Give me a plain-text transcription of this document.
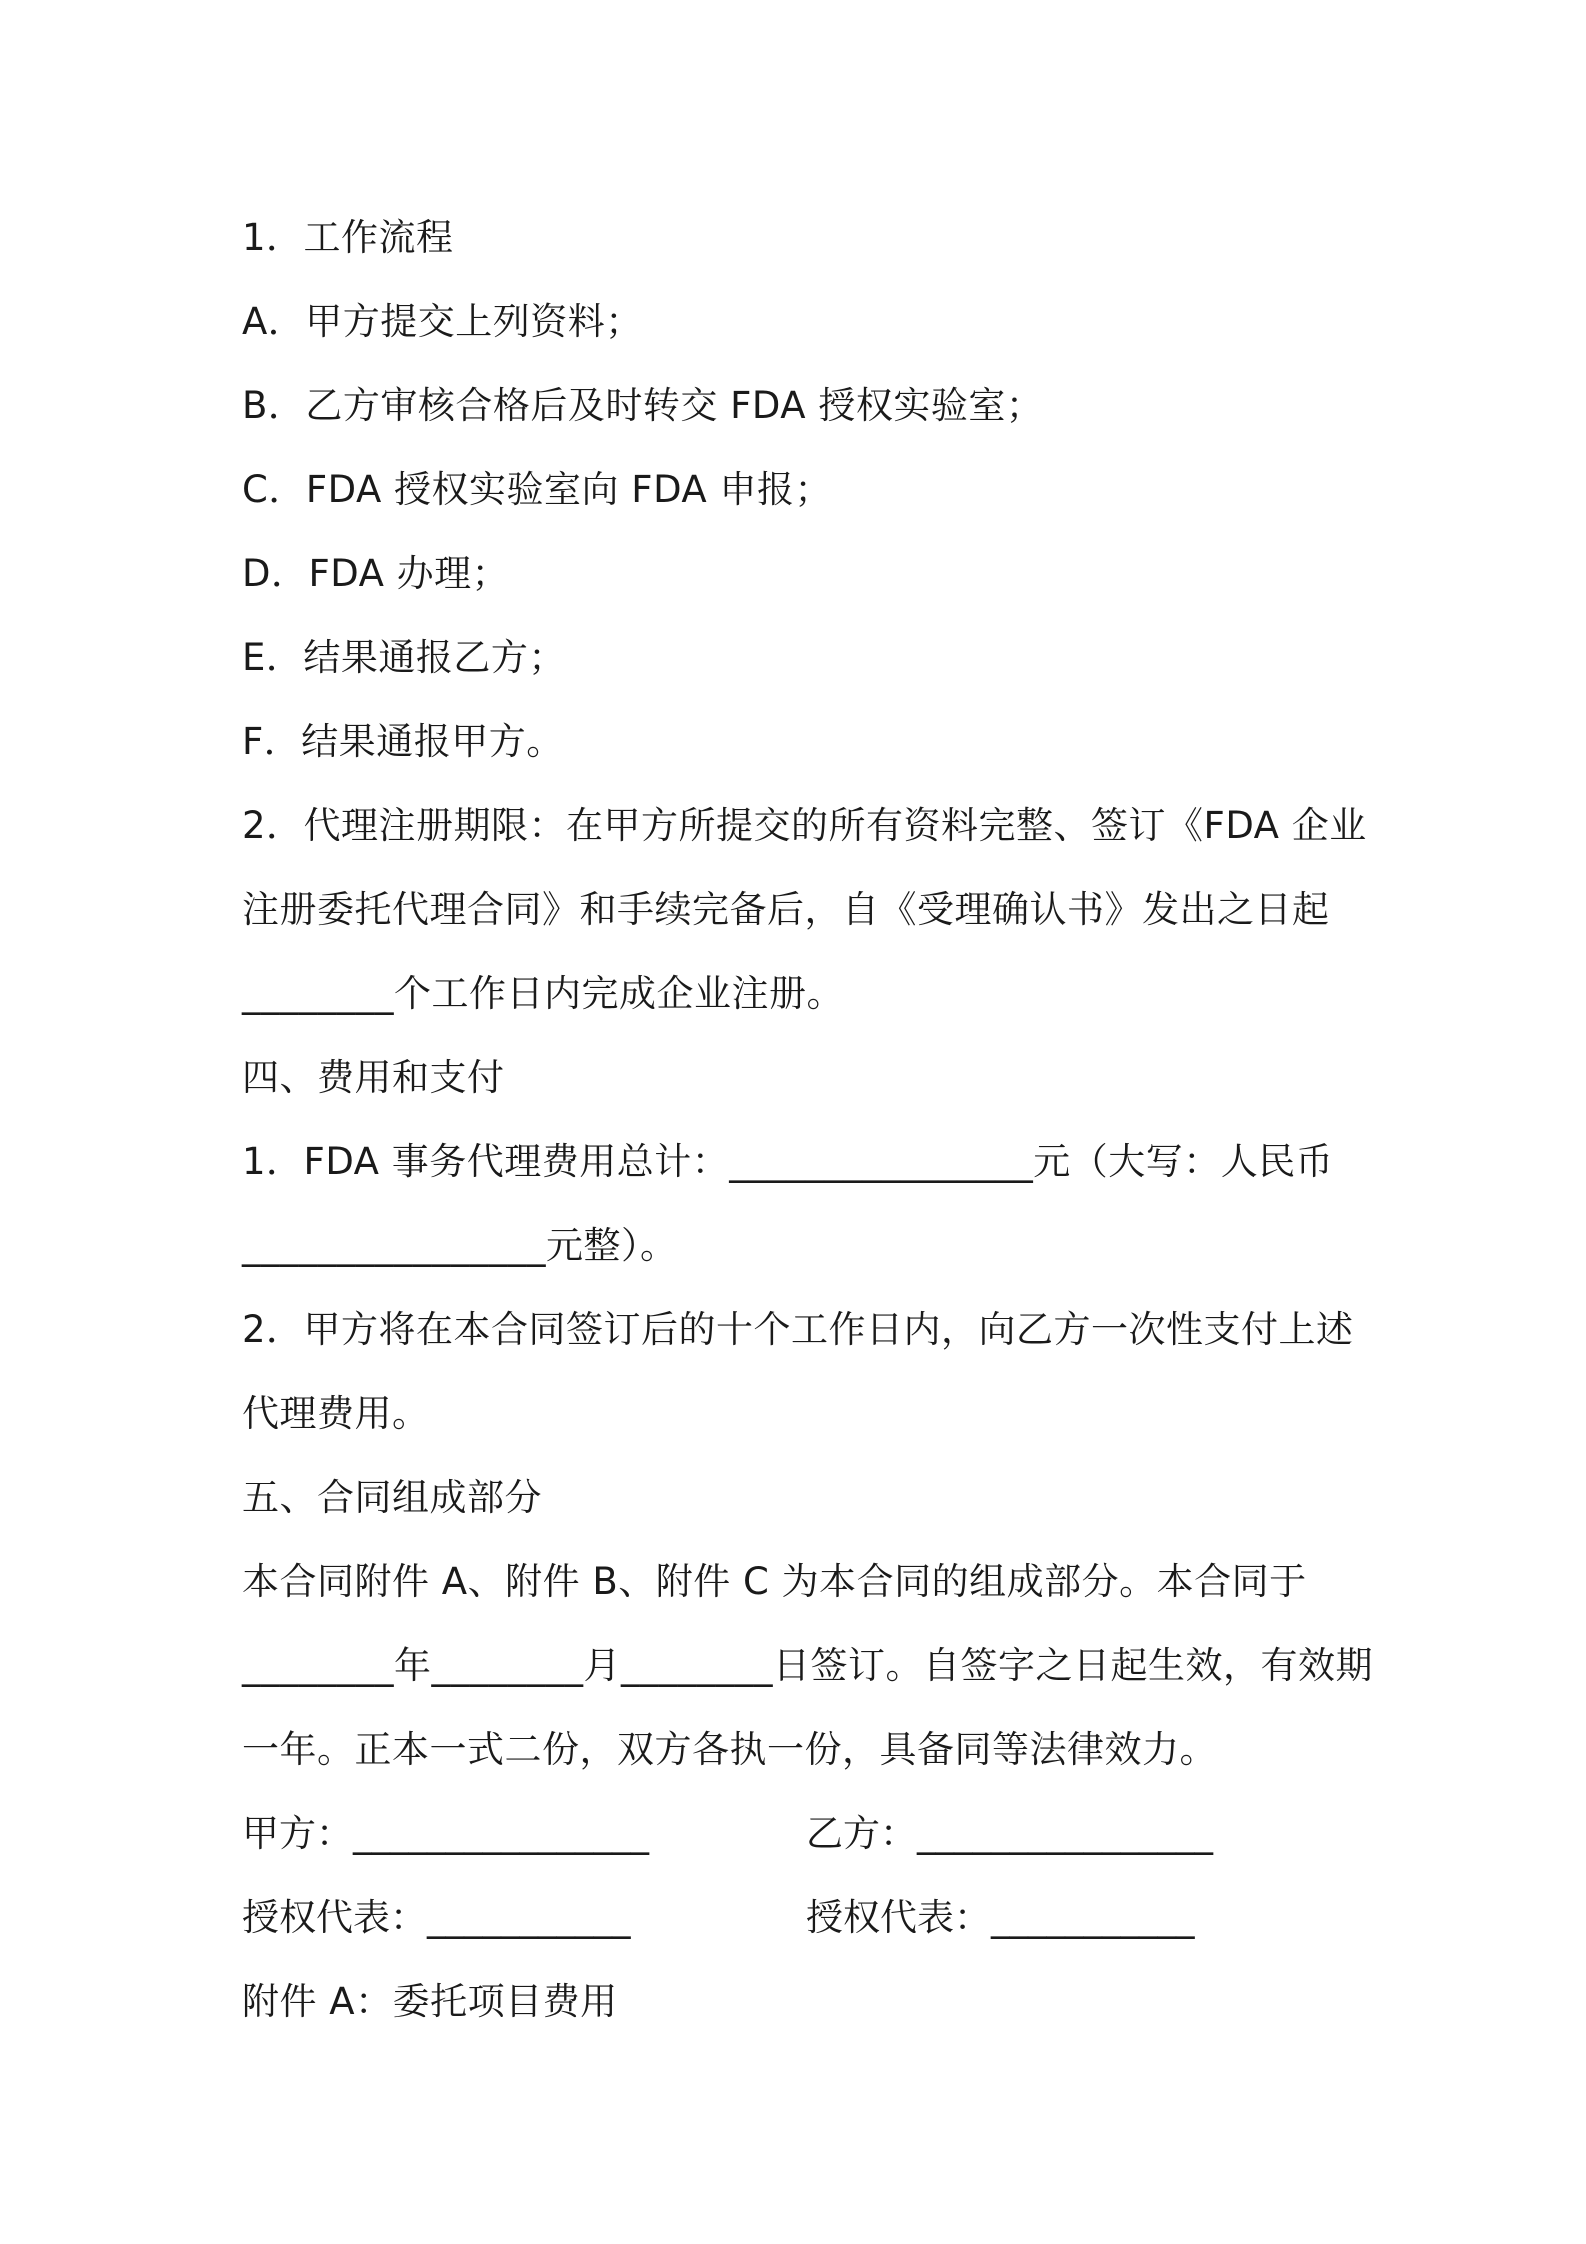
1．工作流程
A．甲方提交上列资料；
B．乙方审核合格后及时转交 FDA 授权实验室；
C．FDA 授权实验室向 FDA 申报；
D．FDA 办理；
E．结果通报乙方；
F．结果通报甲方。
2．代理注册期限：在甲方所提交的所有资料完整、签订《FDA 企业
注册委托代理合同》和手续完备后，自《受理确认书》发出之日起
________个工作日内完成企业注册。
四、费用和支付
1．FDA 事务代理费用总计：________________元（大写：人民币
________________元整）。
2．甲方将在本合同签订后的十个工作日内，向乙方一次性支付上述
代理费用。
五、合同组成部分
本合同附件 A、附件 B、附件 C 为本合同的组成部分。本合同于
________年________月________日签订。自签字之日起生效，有效期
一年。正本一式二份，双方各执一份，具备同等法律效力。
甲方：________________	乙方：________________
授权代表：___________	授权代表：___________
附件 A：委托项目费用
